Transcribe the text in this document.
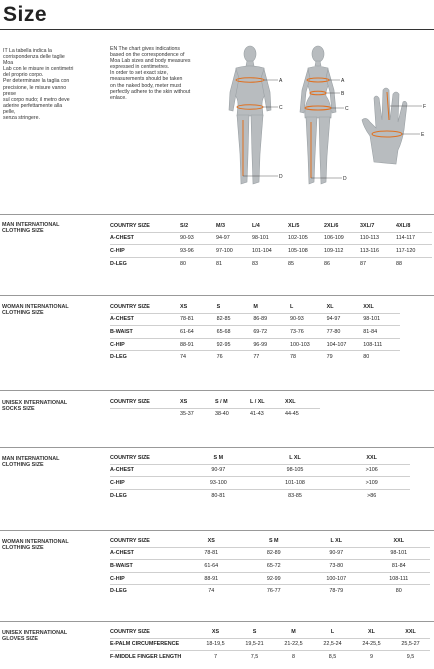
Size
IT La tabella indica la
corrispondenza delle taglie Moa
Lab con le misure in centimetri
del proprio corpo.
Per determinare la taglia con
precisione, le misure vanno prese
sul corpo nudo; il metro deve
aderire perfettamente alla pelle,
senza stringere.
EN The chart gives indications
based on the correspondence of
Moa Lab sizes and body measures
expressed in centimetres.
In order to set exact size,
measurements should be taken
on the naked body, meter must
perfectly adhere to the skin without
enlace.
A
C
D
A
B
C
D
F
E
MAN INTERNATIONAL
CLOTHING SIZE
COUNTRY SIZE	S/2	M/3	L/4	XL/5	2XL/6	3XL/7	4XL/8
A-CHEST	90-93	94-97	98-101	102-105	106-109	110-113	114-117
C-HIP	93-96	97-100	101-104	105-108	109-112	113-116	117-120
D-LEG	80	81	83	85	86	87	88
WOMAN INTERNATIONAL
CLOTHING SIZE
COUNTRY SIZE	XS	S	M	L	XL	XXL
A-CHEST	78-81	82-85	86-89	90-93	94-97	98-101
B-WAIST	61-64	65-68	69-72	73-76	77-80	81-84
C-HIP	88-91	92-95	96-99	100-103	104-107	108-111
D-LEG	74	76	77	78	79	80
UNISEX INTERNATIONAL
SOCKS SIZE
COUNTRY SIZE	XS	S / M	L / XL	XXL
	35-37	38-40	41-43	44-45
MAN INTERNATIONAL
CLOTHING SIZE
COUNTRY SIZE	S M	L XL	XXL
A-CHEST	90-97	98-105	>106
C-HIP	93-100	101-108	>109
D-LEG	80-81	83-85	>86
WOMAN INTERNATIONAL
CLOTHING SIZE
COUNTRY SIZE	XS	S M	L XL	XXL
A-CHEST	78-81	82-89	90-97	98-101
B-WAIST	61-64	65-72	73-80	81-84
C-HIP	88-91	92-99	100-107	108-111
D-LEG	74	76-77	78-79	80
UNISEX INTERNATIONAL
GLOVES SIZE
COUNTRY SIZE	XS	S	M	L	XL	XXL
E-PALM CIRCUMFERENCE	18-19,5	19,5-21	21-22,5	22,5-24	24-25,5	25,5-27
F-MIDDLE FINGER LENGTH	7	7,5	8	8,5	9	9,5
